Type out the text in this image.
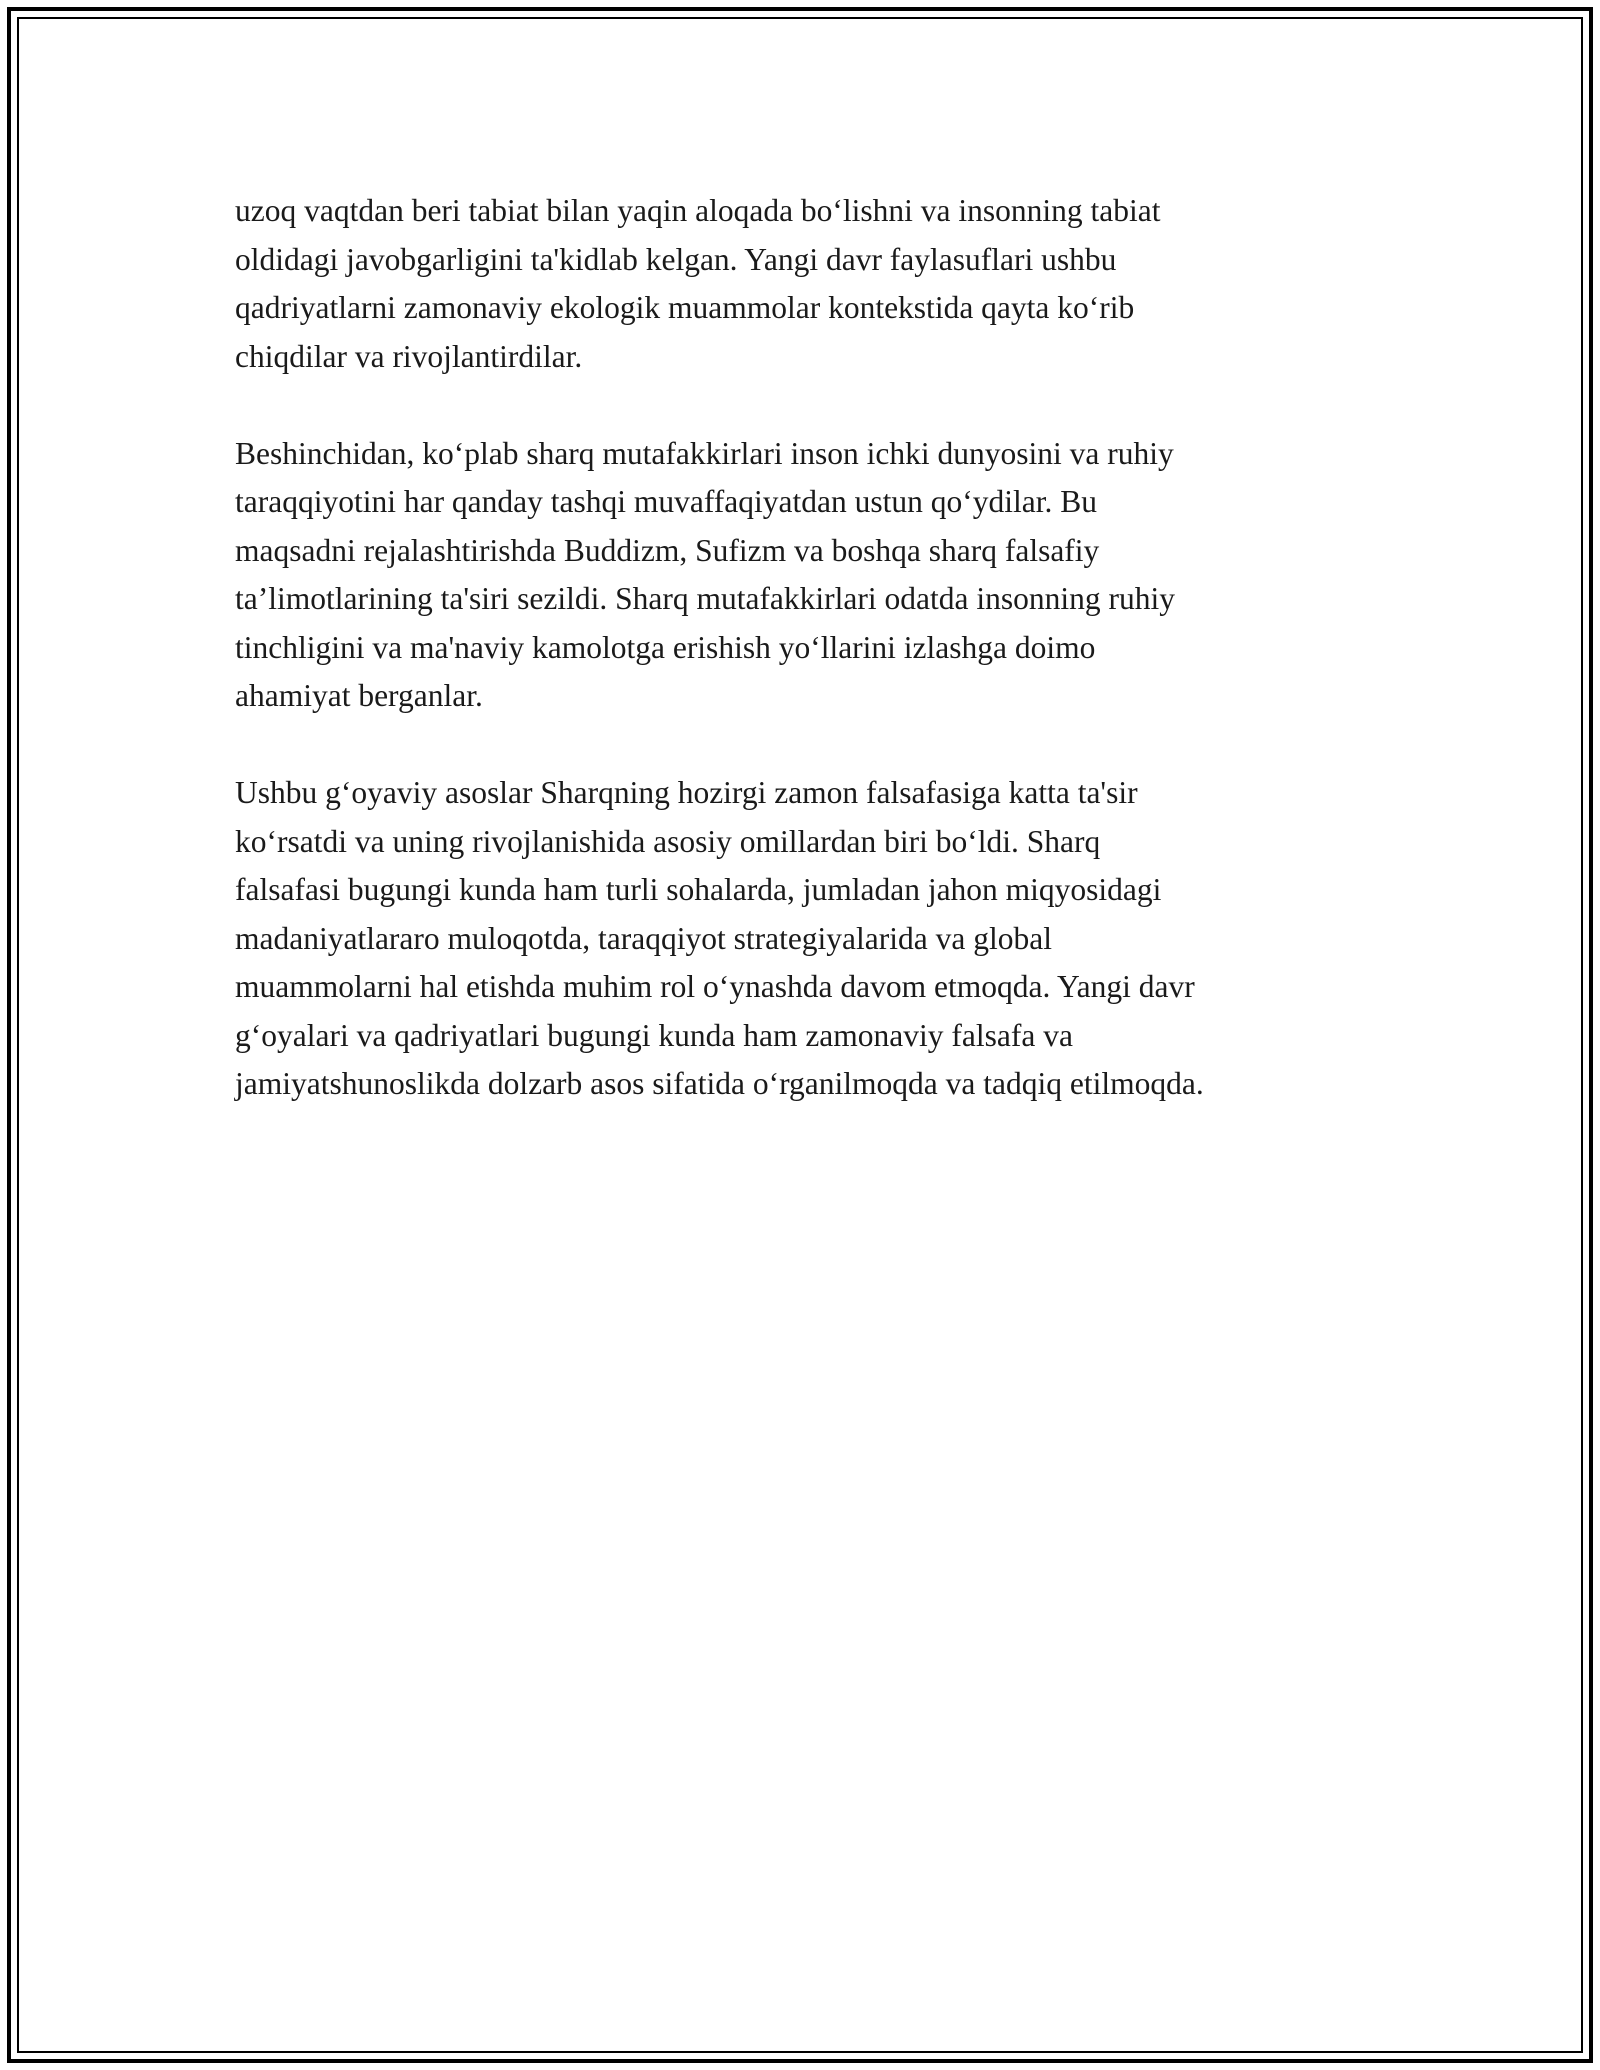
uzoq vaqtdan beri tabiat bilan yaqin aloqada bo‘lishni va insonning tabiat
oldidagi javobgarligini ta'kidlab kelgan. Yangi davr faylasuflari ushbu
qadriyatlarni zamonaviy ekologik muammolar kontekstida qayta ko‘rib
chiqdilar va rivojlantirdilar.

Beshinchidan, ko‘plab sharq mutafakkirlari inson ichki dunyosini va ruhiy
taraqqiyotini har qanday tashqi muvaffaqiyatdan ustun qo‘ydilar. Bu
maqsadni rejalashtirishda Buddizm, Sufizm va boshqa sharq falsafiy
ta’limotlarining ta'siri sezildi. Sharq mutafakkirlari odatda insonning ruhiy
tinchligini va ma'naviy kamolotga erishish yo‘llarini izlashga doimo
ahamiyat berganlar.

Ushbu g‘oyaviy asoslar Sharqning hozirgi zamon falsafasiga katta ta'sir
ko‘rsatdi va uning rivojlanishida asosiy omillardan biri bo‘ldi. Sharq
falsafasi bugungi kunda ham turli sohalarda, jumladan jahon miqyosidagi
madaniyatlararo muloqotda, taraqqiyot strategiyalarida va global
muammolarni hal etishda muhim rol o‘ynashda davom etmoqda. Yangi davr
g‘oyalari va qadriyatlari bugungi kunda ham zamonaviy falsafa va
jamiyatshunoslikda dolzarb asos sifatida o‘rganilmoqda va tadqiq etilmoqda.
